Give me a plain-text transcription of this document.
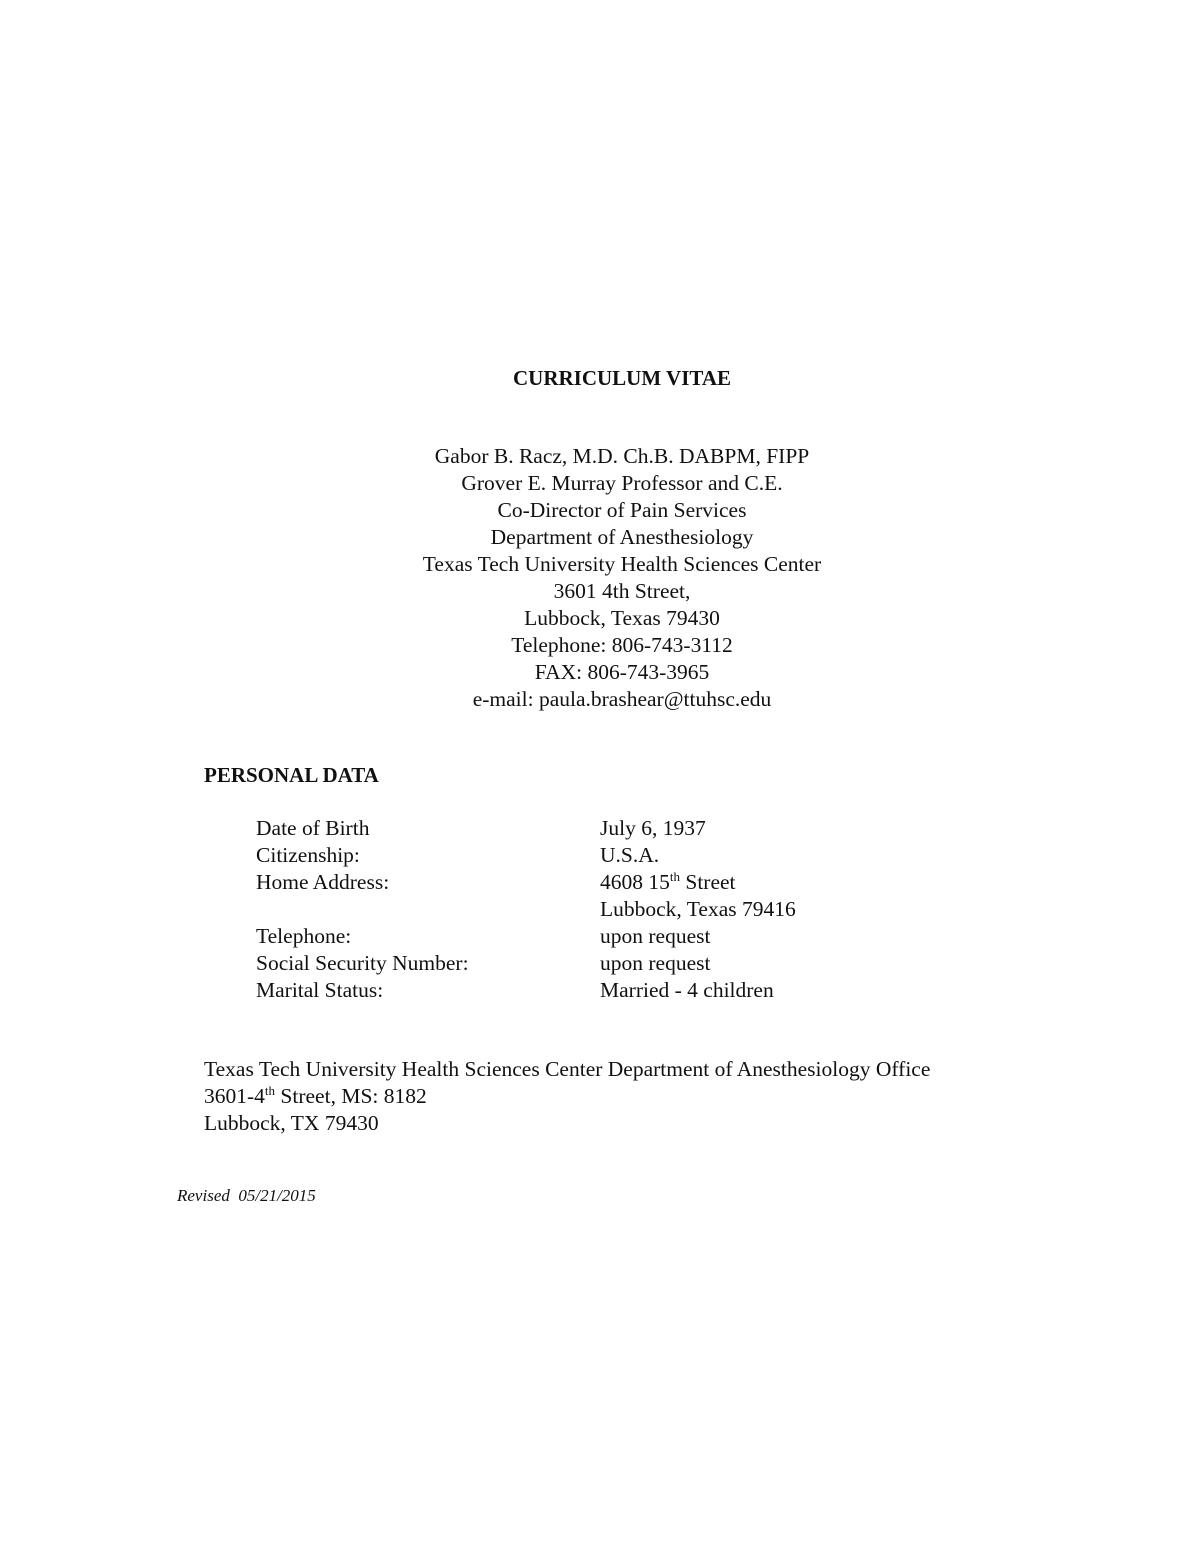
CURRICULUM VITAE
Gabor B. Racz, M.D. Ch.B. DABPM, FIPP
Grover E. Murray Professor and C.E.
Co-Director of Pain Services
Department of Anesthesiology
Texas Tech University Health Sciences Center
3601 4th Street,
Lubbock, Texas 79430
Telephone: 806-743-3112
FAX: 806-743-3965
e-mail: paula.brashear@ttuhsc.edu
PERSONAL DATA
Date of Birth	July 6, 1937
Citizenship:	U.S.A.
Home Address:	4608 15th Street
Lubbock, Texas 79416
Telephone:	upon request
Social Security Number:	upon request
Marital Status:	Married - 4 children
Texas Tech University Health Sciences Center Department of Anesthesiology Office
3601-4th Street, MS: 8182
Lubbock, TX 79430
Revised  05/21/2015
